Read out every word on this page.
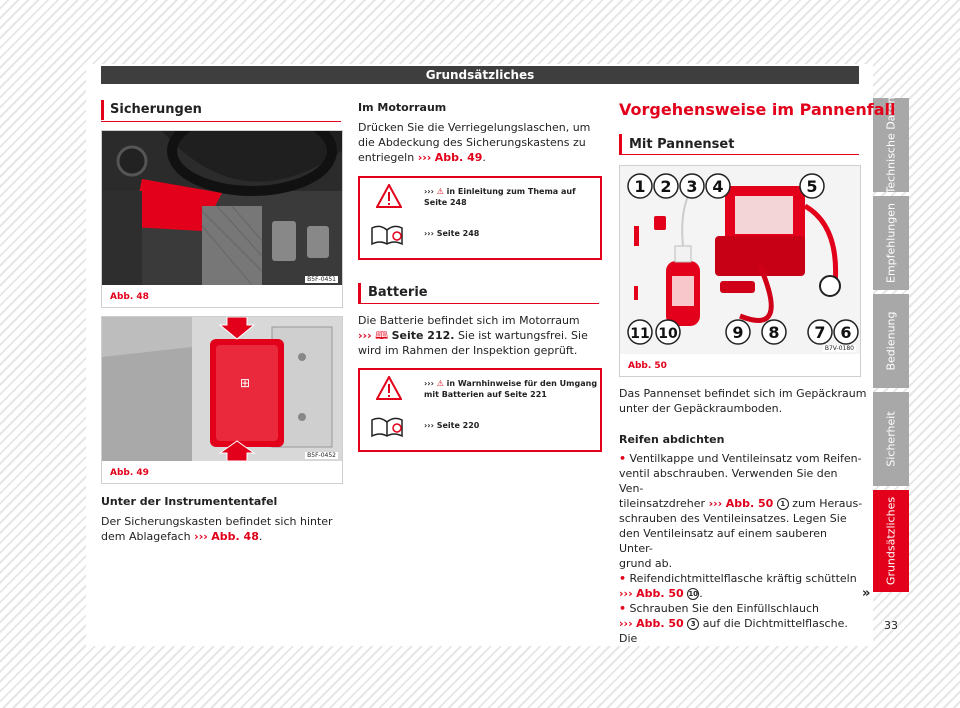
Grundsätzliches
Technische Daten
Empfehlungen
Bedienung
Sicherheit
Grundsätzliches
Sicherungen
B5F-0451
Abb. 48
⊞
B5F-0452
Abb. 49
Unter der Instrumententafel
Der Sicherungskasten befindet sich hinter
dem Ablagefach ››› Abb. 48.
Im Motorraum
Drücken Sie die Verriegelungslaschen, um
die Abdeckung des Sicherungskastens zu
entriegeln ››› Abb. 49.
››› ⚠ in Einleitung zum Thema auf
Seite 248
››› Seite 248
Batterie
Die Batterie befindet sich im Motorraum
››› 🕮 Seite 212. Sie ist wartungsfrei. Sie
wird im Rahmen der Inspektion geprüft.
››› ⚠ in Warnhinweise für den Umgang
mit Batterien auf Seite 221
››› Seite 220
Vorgehensweise im Pannenfall
Mit Pannenset
1 2 3 4	5
6
7
8
9
10
11
B7V-0180
Abb. 50
Das Pannenset befindet sich im Gepäckraum
unter der Gepäckraumboden.
Reifen abdichten
• Ventilkappe und Ventileinsatz vom Reifen-
ventil abschrauben. Verwenden Sie den Ven-
tileinsatzdreher ››› Abb. 50 1 zum Heraus-
schrauben des Ventileinsatzes. Legen Sie
den Ventileinsatz auf einem sauberen Unter-
grund ab.
• Reifendichtmittelflasche kräftig schütteln
››› Abb. 50 10.
• Schrauben Sie den Einfüllschlauch
››› Abb. 50 3 auf die Dichtmittelflasche. Die
»
33
